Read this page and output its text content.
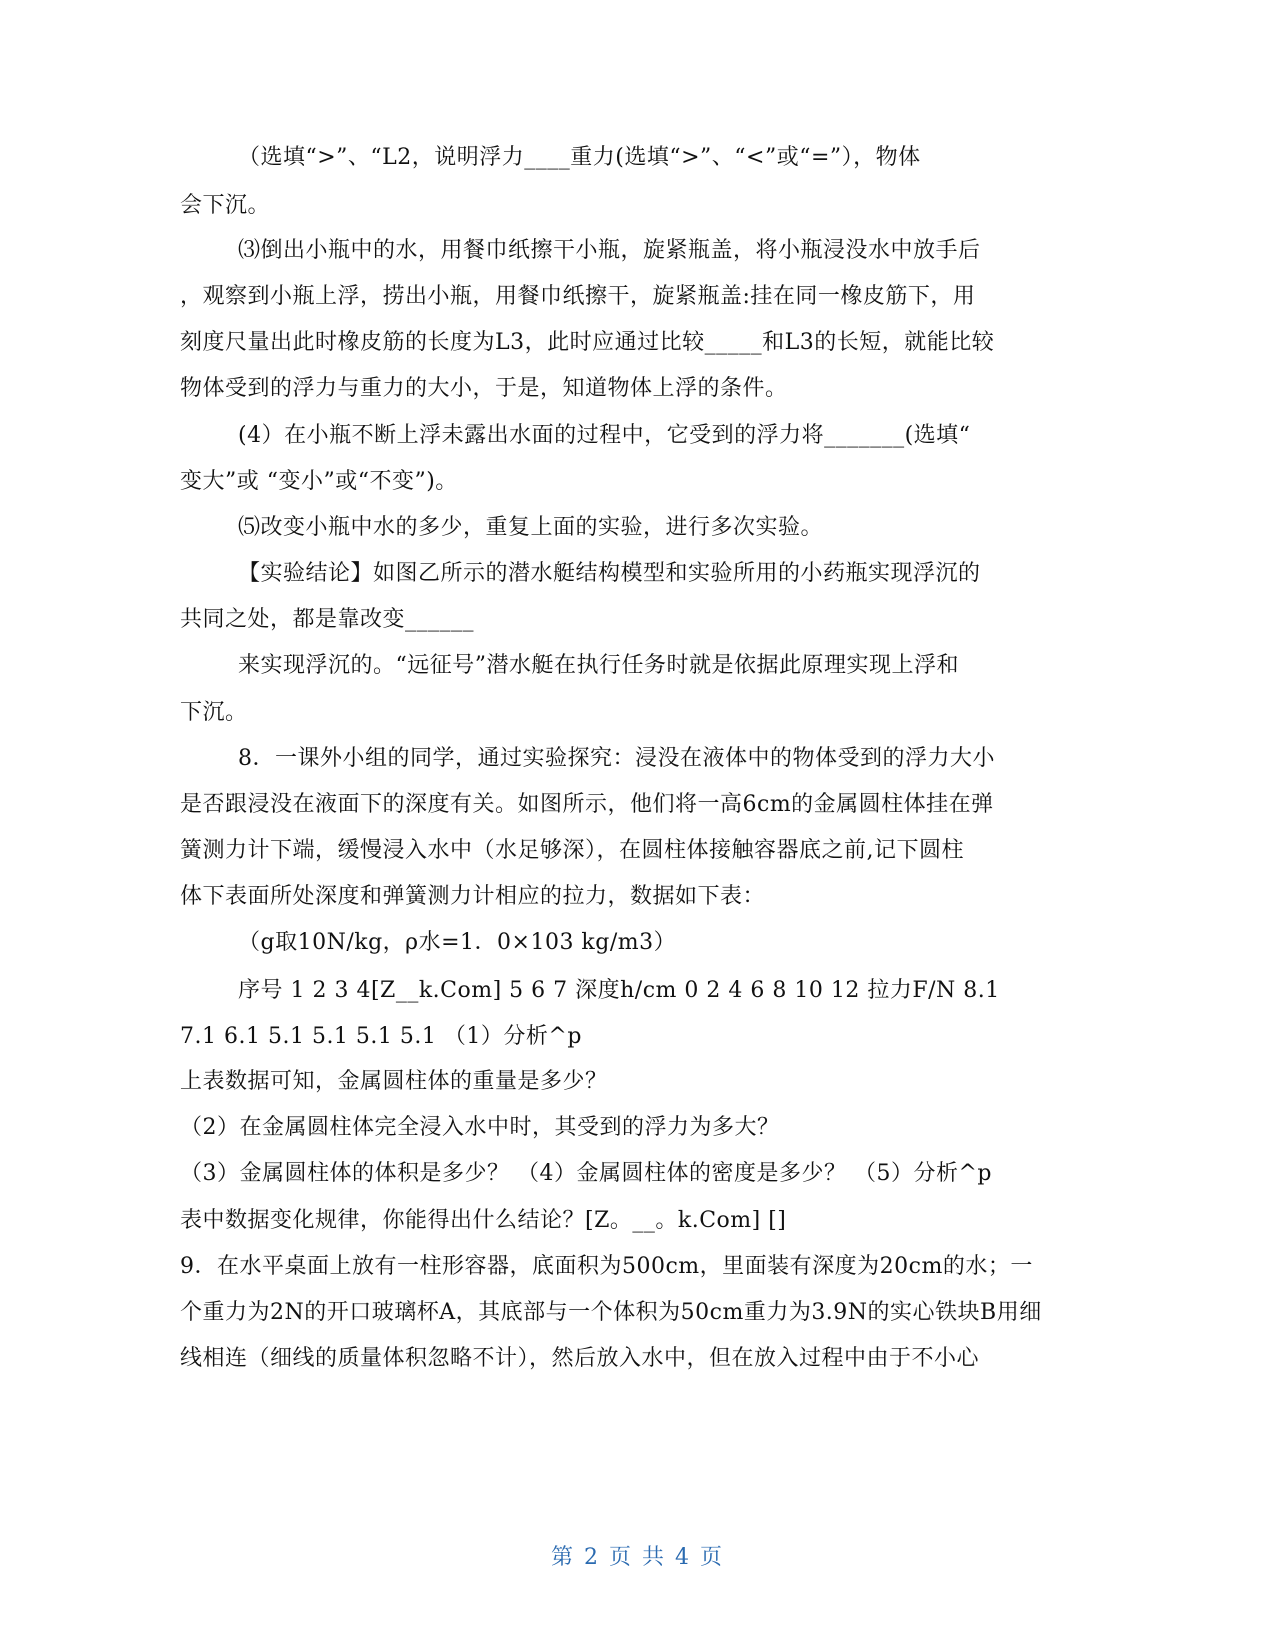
（选填“>”、“L2，说明浮力____重力(选填“>”、“<”或“=”），物体
会下沉。
⑶倒出小瓶中的水，用餐巾纸擦干小瓶，旋紧瓶盖，将小瓶浸没水中放手后
，观察到小瓶上浮，捞出小瓶，用餐巾纸擦干，旋紧瓶盖:挂在同一橡皮筋下，用
刻度尺量出此时橡皮筋的长度为L3，此时应通过比较_____和L3的长短，就能比较
物体受到的浮力与重力的大小，于是，知道物体上浮的条件。
(4）在小瓶不断上浮未露出水面的过程中，它受到的浮力将_______(选填“
变大”或 “变小”或“不变”)。
⑸改变小瓶中水的多少，重复上面的实验，进行多次实验。
【实验结论】如图乙所示的潜水艇结构模型和实验所用的小药瓶实现浮沉的
共同之处，都是靠改变______
来实现浮沉的。“远征号”潜水艇在执行任务时就是依据此原理实现上浮和
下沉。
8．一课外小组的同学，通过实验探究：浸没在液体中的物体受到的浮力大小
是否跟浸没在液面下的深度有关。如图所示，他们将一高6cm的金属圆柱体挂在弹
簧测力计下端，缓慢浸入水中（水足够深），在圆柱体接触容器底之前,记下圆柱
体下表面所处深度和弹簧测力计相应的拉力，数据如下表：
（g取10N/kg，ρ水=1．0×103 kg/m3）
序号 1 2 3 4[Z__k.Com] 5 6 7 深度h/cm 0 2 4 6 8 10 12 拉力F/N 8.1
7.1 6.1 5.1 5.1 5.1 5.1 （1）分析^p
上表数据可知，金属圆柱体的重量是多少？
（2）在金属圆柱体完全浸入水中时，其受到的浮力为多大？
（3）金属圆柱体的体积是多少？ （4）金属圆柱体的密度是多少？ （5）分析^p
表中数据变化规律，你能得出什么结论？[Z。__。k.Com] []
9．在水平桌面上放有一柱形容器，底面积为500cm，里面装有深度为20cm的水；一
个重力为2N的开口玻璃杯A，其底部与一个体积为50cm重力为3.9N的实心铁块B用细
线相连（细线的质量体积忽略不计），然后放入水中，但在放入过程中由于不小心
第 2 页 共 4 页
